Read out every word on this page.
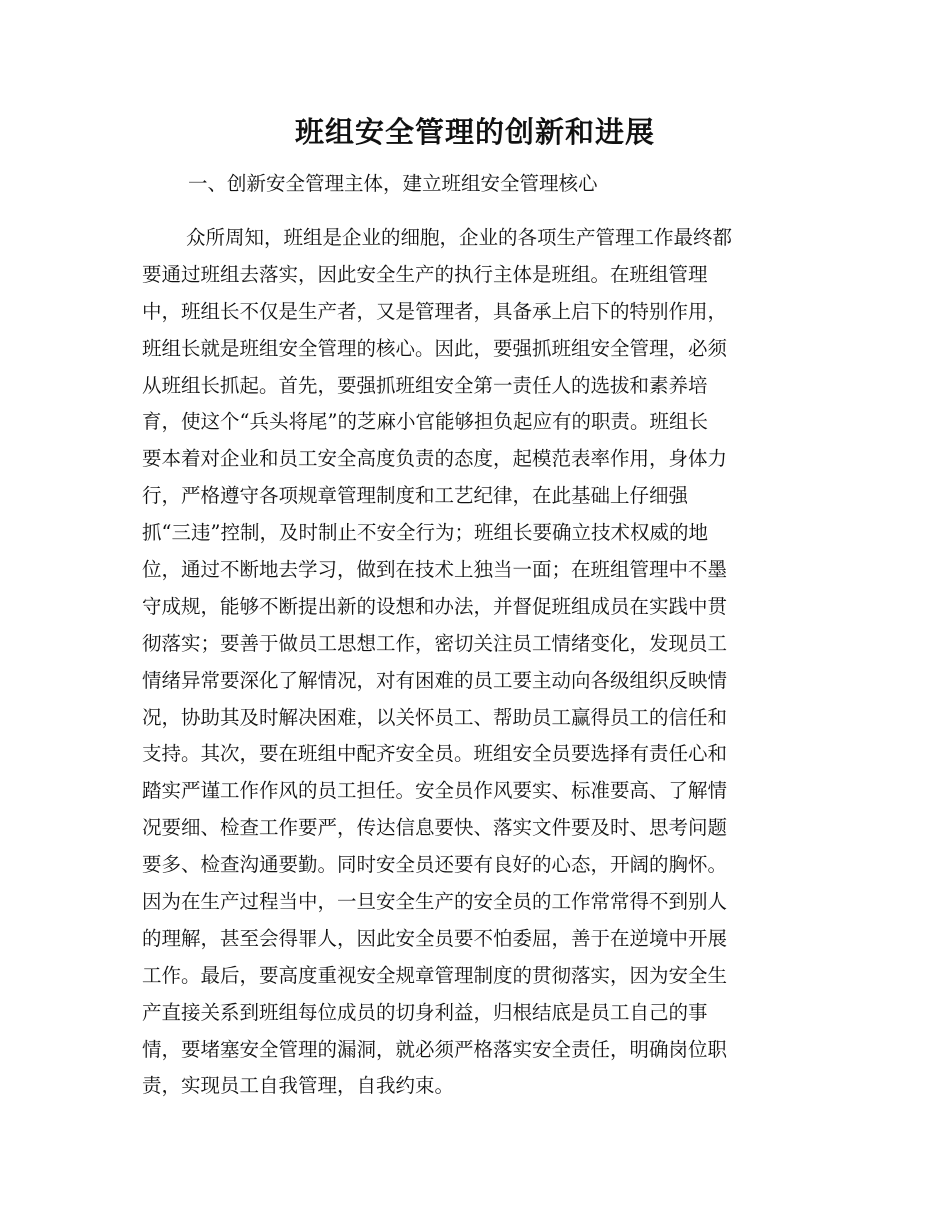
班组安全管理的创新和进展

一、创新安全管理主体，建立班组安全管理核心

众所周知，班组是企业的细胞，企业的各项生产管理工作最终都
要通过班组去落实，因此安全生产的执行主体是班组。在班组管理
中，班组长不仅是生产者，又是管理者，具备承上启下的特别作用，
班组长就是班组安全管理的核心。因此，要强抓班组安全管理，必须
从班组长抓起。首先，要强抓班组安全第一责任人的选拔和素养培
育，使这个“兵头将尾”的芝麻小官能够担负起应有的职责。班组长
要本着对企业和员工安全高度负责的态度，起模范表率作用，身体力
行，严格遵守各项规章管理制度和工艺纪律，在此基础上仔细强
抓“三违”控制，及时制止不安全行为；班组长要确立技术权威的地
位，通过不断地去学习，做到在技术上独当一面；在班组管理中不墨
守成规，能够不断提出新的设想和办法，并督促班组成员在实践中贯
彻落实；要善于做员工思想工作，密切关注员工情绪变化，发现员工
情绪异常要深化了解情况，对有困难的员工要主动向各级组织反映情
况，协助其及时解决困难，以关怀员工、帮助员工赢得员工的信任和
支持。其次，要在班组中配齐安全员。班组安全员要选择有责任心和
踏实严谨工作作风的员工担任。安全员作风要实、标准要高、了解情
况要细、检查工作要严，传达信息要快、落实文件要及时、思考问题
要多、检查沟通要勤。同时安全员还要有良好的心态，开阔的胸怀。
因为在生产过程当中，一旦安全生产的安全员的工作常常得不到别人
的理解，甚至会得罪人，因此安全员要不怕委屈，善于在逆境中开展
工作。最后，要高度重视安全规章管理制度的贯彻落实，因为安全生
产直接关系到班组每位成员的切身利益，归根结底是员工自己的事
情，要堵塞安全管理的漏洞，就必须严格落实安全责任，明确岗位职
责，实现员工自我管理，自我约束。
